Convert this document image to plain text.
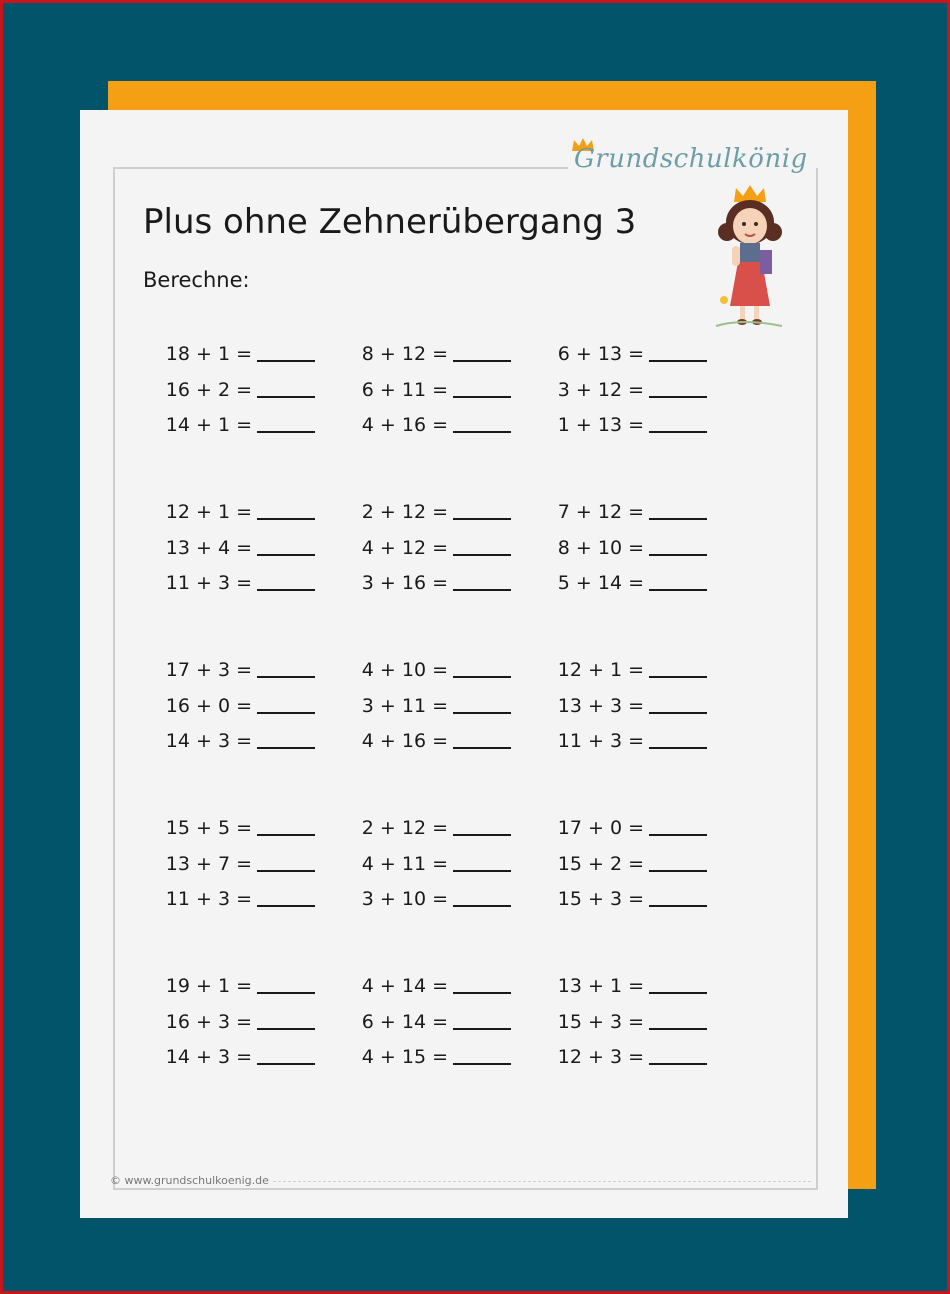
Grundschulkönig
Plus ohne Zehnerübergang 3
Berechne:
18 + 1 =	8 + 12 =	6 + 13 =
16 + 2 =	6 + 11 =	3 + 12 =
14 + 1 =	4 + 16 =	1 + 13 =
12 + 1 =	2 + 12 =	7 + 12 =
13 + 4 =	4 + 12 =	8 + 10 =
11 + 3 =	3 + 16 =	5 + 14 =
17 + 3 =	4 + 10 =	12 + 1 =
16 + 0 =	3 + 11 =	13 + 3 =
14 + 3 =	4 + 16 =	11 + 3 =
15 + 5 =	2 + 12 =	17 + 0 =
13 + 7 =	4 + 11 =	15 + 2 =
11 + 3 =	3 + 10 =	15 + 3 =
19 + 1 =	4 + 14 =	13 + 1 =
16 + 3 =	6 + 14 =	15 + 3 =
14 + 3 =	4 + 15 =	12 + 3 =
© www.grundschulkoenig.de
